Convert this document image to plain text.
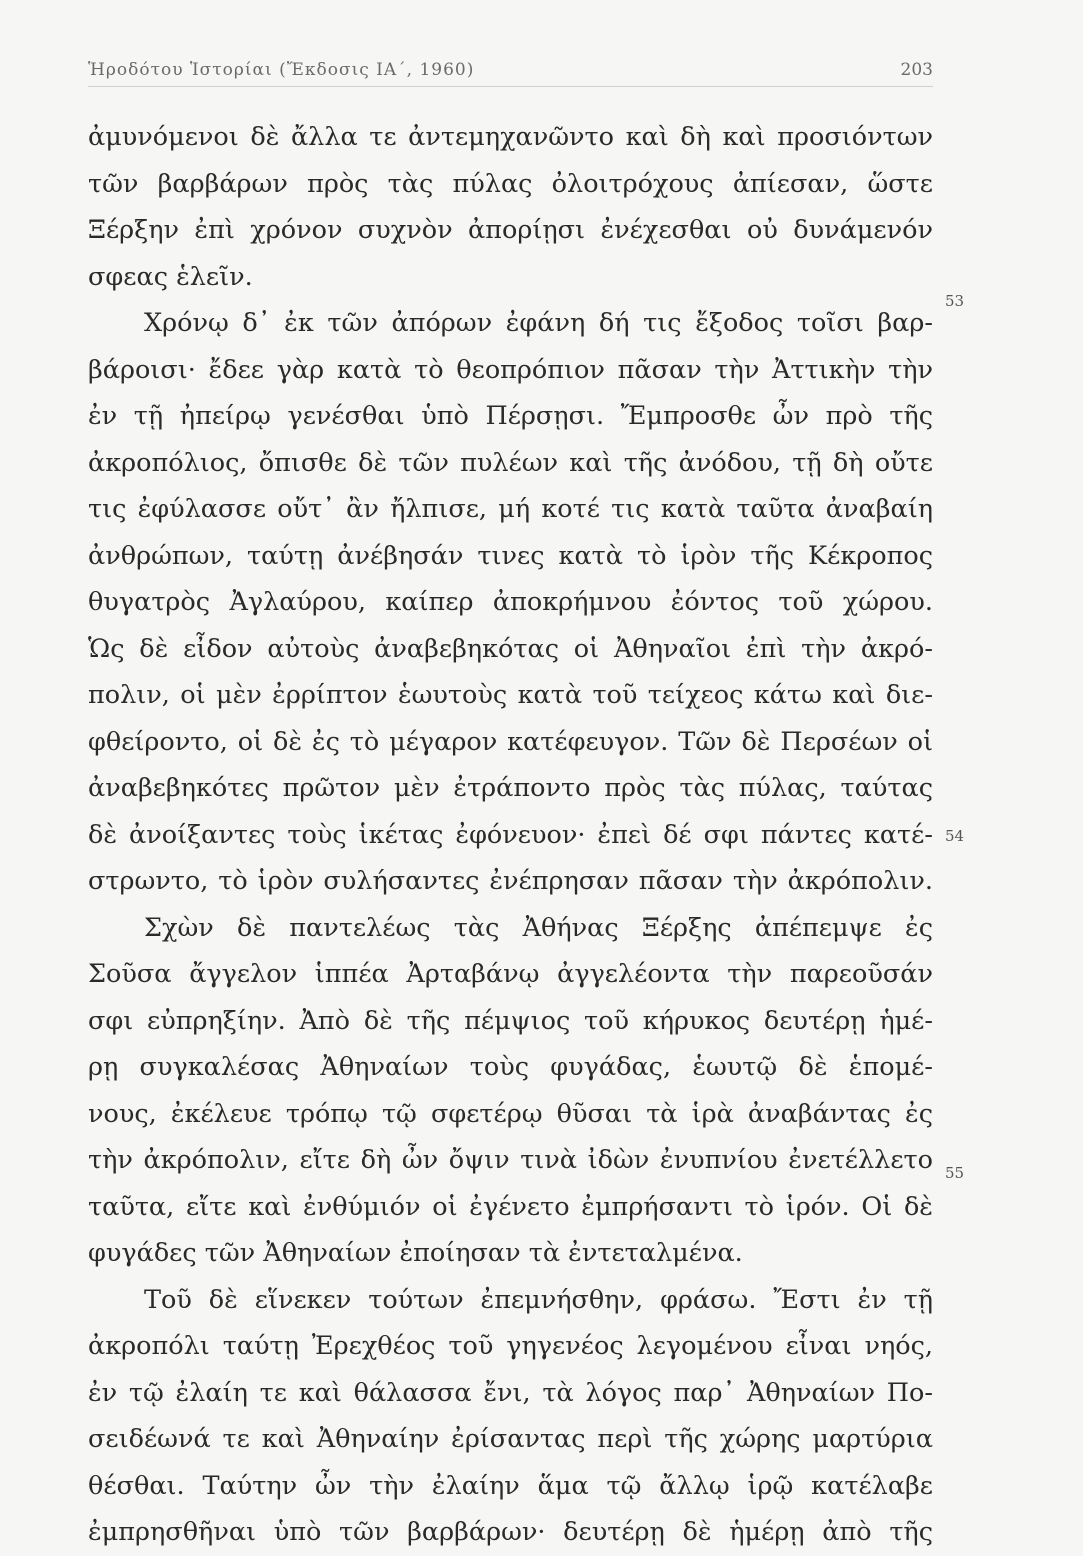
Ἡροδότου Ἱστορίαι (Ἔκδοσις ΙΑ΄, 1960)	203
ἀμυνόμενοι δὲ ἄλλα τε ἀντεμηχανῶντο καὶ δὴ καὶ προσιόντων
τῶν βαρβάρων πρὸς τὰς πύλας ὀλοιτρόχους ἀπίεσαν, ὥστε
Ξέρξην ἐπὶ χρόνον συχνὸν ἀπορίῃσι ἐνέχεσθαι οὐ δυνάμενόν
σφεας ἑλεῖν.
Χρόνῳ δ᾽ ἐκ τῶν ἀπόρων ἐφάνη δή τις ἔξοδος τοῖσι βαρ-
βάροισι· ἔδεε γὰρ κατὰ τὸ θεοπρόπιον πᾶσαν τὴν Ἀττικὴν τὴν
ἐν τῇ ἠπείρῳ γενέσθαι ὑπὸ Πέρσῃσι. Ἔμπροσθε ὦν πρὸ τῆς
ἀκροπόλιος, ὄπισθε δὲ τῶν πυλέων καὶ τῆς ἀνόδου, τῇ δὴ οὔτε
τις ἐφύλασσε οὔτ᾽ ἂν ἤλπισε, μή κοτέ τις κατὰ ταῦτα ἀναβαίη
ἀνθρώπων, ταύτῃ ἀνέβησάν τινες κατὰ τὸ ἱρὸν τῆς Κέκροπος
θυγατρὸς Ἀγλαύρου, καίπερ ἀποκρήμνου ἐόντος τοῦ χώρου.
Ὡς δὲ εἶδον αὐτοὺς ἀναβεβηκότας οἱ Ἀθηναῖοι ἐπὶ τὴν ἀκρό-
πολιν, οἱ μὲν ἐρρίπτον ἑωυτοὺς κατὰ τοῦ τείχεος κάτω καὶ διε-
φθείροντο, οἱ δὲ ἐς τὸ μέγαρον κατέφευγον. Τῶν δὲ Περσέων οἱ
ἀναβεβηκότες πρῶτον μὲν ἐτράποντο πρὸς τὰς πύλας, ταύτας
δὲ ἀνοίξαντες τοὺς ἱκέτας ἐφόνευον· ἐπεὶ δέ σφι πάντες κατέ-
στρωντο, τὸ ἱρὸν συλήσαντες ἐνέπρησαν πᾶσαν τὴν ἀκρόπολιν.
Σχὼν δὲ παντελέως τὰς Ἀθήνας Ξέρξης ἀπέπεμψε ἐς
Σοῦσα ἄγγελον ἱππέα Ἀρταβάνῳ ἀγγελέοντα τὴν παρεοῦσάν
σφι εὐπρηξίην. Ἀπὸ δὲ τῆς πέμψιος τοῦ κήρυκος δευτέρῃ ἡμέ-
ρῃ συγκαλέσας Ἀθηναίων τοὺς φυγάδας, ἑωυτῷ δὲ ἑπομέ-
νους, ἐκέλευε τρόπῳ τῷ σφετέρῳ θῦσαι τὰ ἱρὰ ἀναβάντας ἐς
τὴν ἀκρόπολιν, εἴτε δὴ ὦν ὄψιν τινὰ ἰδὼν ἐνυπνίου ἐνετέλλετο
ταῦτα, εἴτε καὶ ἐνθύμιόν οἱ ἐγένετο ἐμπρήσαντι τὸ ἱρόν. Οἱ δὲ
φυγάδες τῶν Ἀθηναίων ἐποίησαν τὰ ἐντεταλμένα.
Τοῦ δὲ εἵνεκεν τούτων ἐπεμνήσθην, φράσω. Ἔστι ἐν τῇ
ἀκροπόλι ταύτῃ Ἐρεχθέος τοῦ γηγενέος λεγομένου εἶναι νηός,
ἐν τῷ ἐλαίη τε καὶ θάλασσα ἔνι, τὰ λόγος παρ᾽ Ἀθηναίων Πο-
σειδέωνά τε καὶ Ἀθηναίην ἐρίσαντας περὶ τῆς χώρης μαρτύρια
θέσθαι. Ταύτην ὦν τὴν ἐλαίην ἅμα τῷ ἄλλῳ ἱρῷ κατέλαβε
ἐμπρησθῆναι ὑπὸ τῶν βαρβάρων· δευτέρῃ δὲ ἡμέρῃ ἀπὸ τῆς
53
54
55
